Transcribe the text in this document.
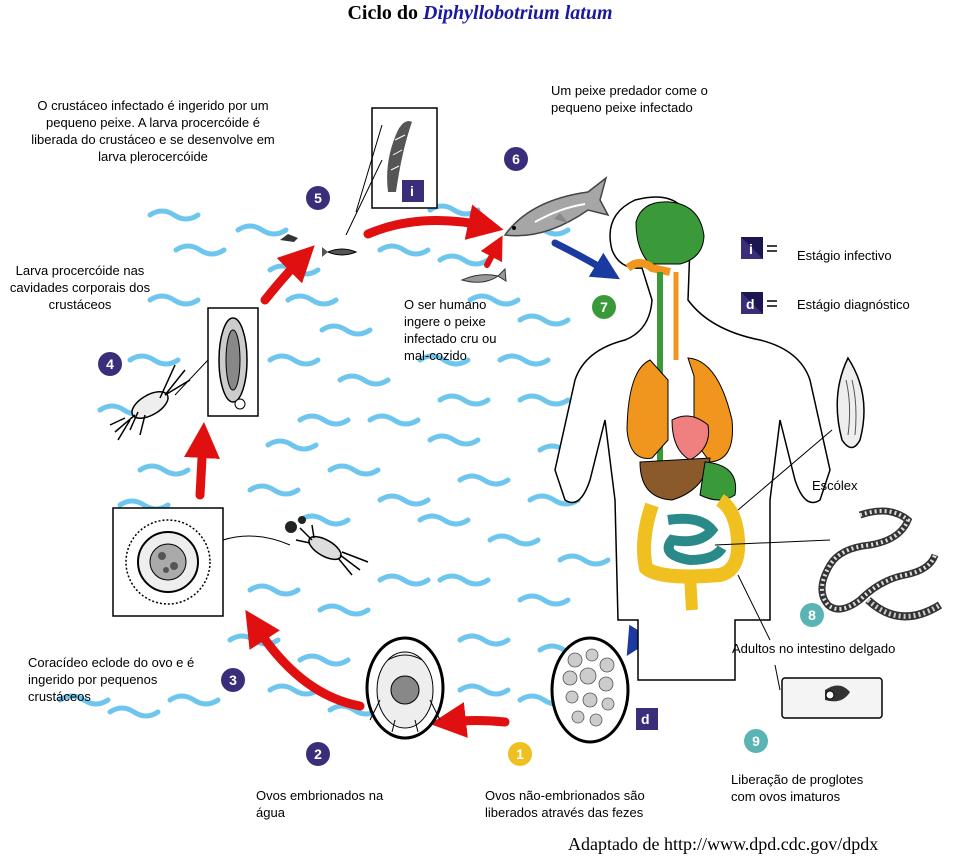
i
d
i
d
1
2
3
4
5
6
7
8
9
Ciclo do Diphyllobotrium latum
O crustáceo infectado é ingerido por um pequeno peixe. A larva procercóide é liberada do crustáceo e se desenvolve em larva plerocercóide
Um peixe predador come o pequeno peixe infectado
Larva procercóide nas cavidades corporais dos crustáceos	O ser humano ingere o peixe infectado cru ou mal-cozido
Estágio infectivo
Estágio diagnóstico
Escólex
Adultos no intestino delgado
Coracídeo eclode do ovo e é ingerido por pequenos crustáceos
Liberação de proglotes com ovos imaturos
Ovos embrionados na água
Ovos não-embrionados são liberados através das fezes
Adaptado de http://www.dpd.cdc.gov/dpdx
